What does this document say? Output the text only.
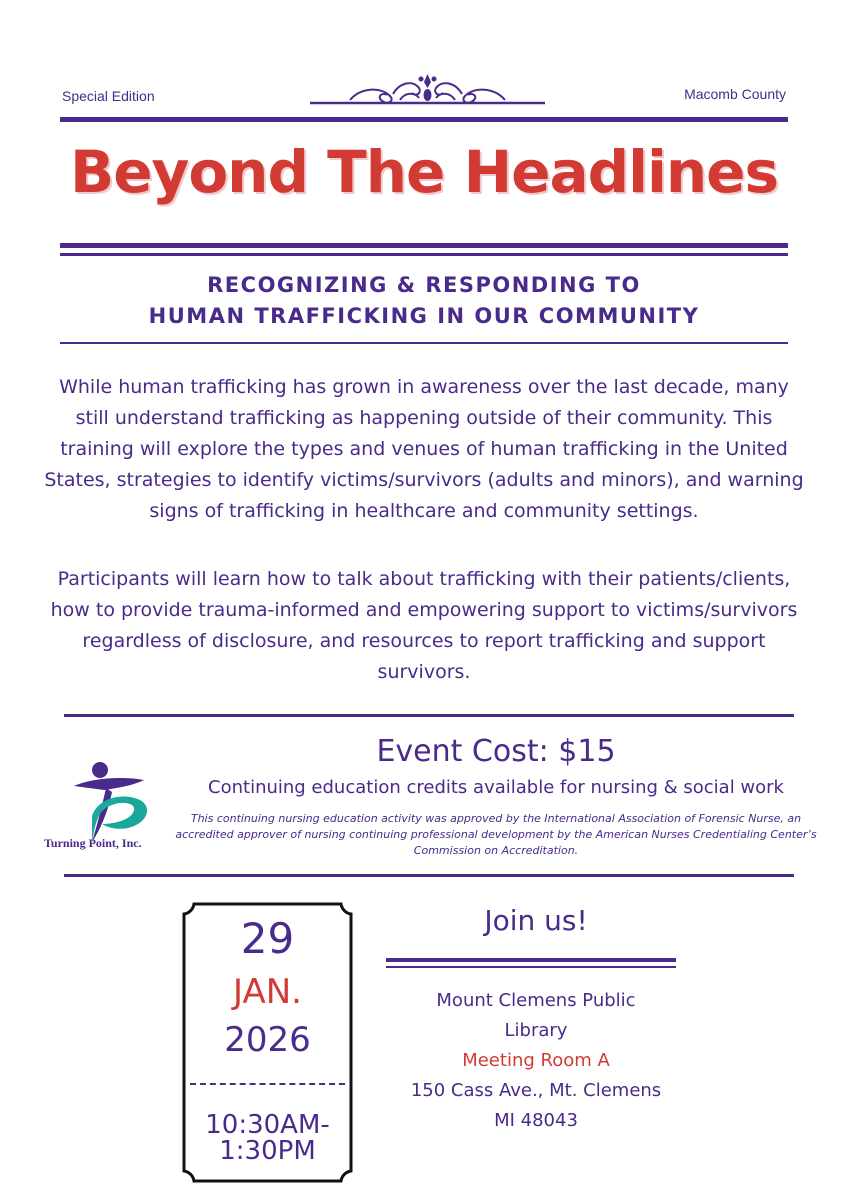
Special Edition	Macomb County
Beyond The Headlines
RECOGNIZING & RESPONDING TO
HUMAN TRAFFICKING IN OUR COMMUNITY
While human trafficking has grown in awareness over the last decade, many still understand trafficking as happening outside of their community. This training will explore the types and venues of human trafficking in the United States, strategies to identify victims/survivors (adults and minors), and warning signs of trafficking in healthcare and community settings.
Participants will learn how to talk about trafficking with their patients/clients, how to provide trauma-informed and empowering support to victims/survivors regardless of disclosure, and resources to report trafficking and support survivors.
Turning Point, Inc.
Event Cost: $15
Continuing education credits available for nursing & social work
This continuing nursing education activity was approved by the International Association of Forensic Nurse, an accredited approver of nursing continuing professional development by the American Nurses Credentialing Center’s Commission on Accreditation.
29
JAN.
2026
10:30AM-
1:30PM
Join us!
Mount Clemens Public
Library
Meeting Room A
150 Cass Ave., Mt. Clemens
MI 48043
